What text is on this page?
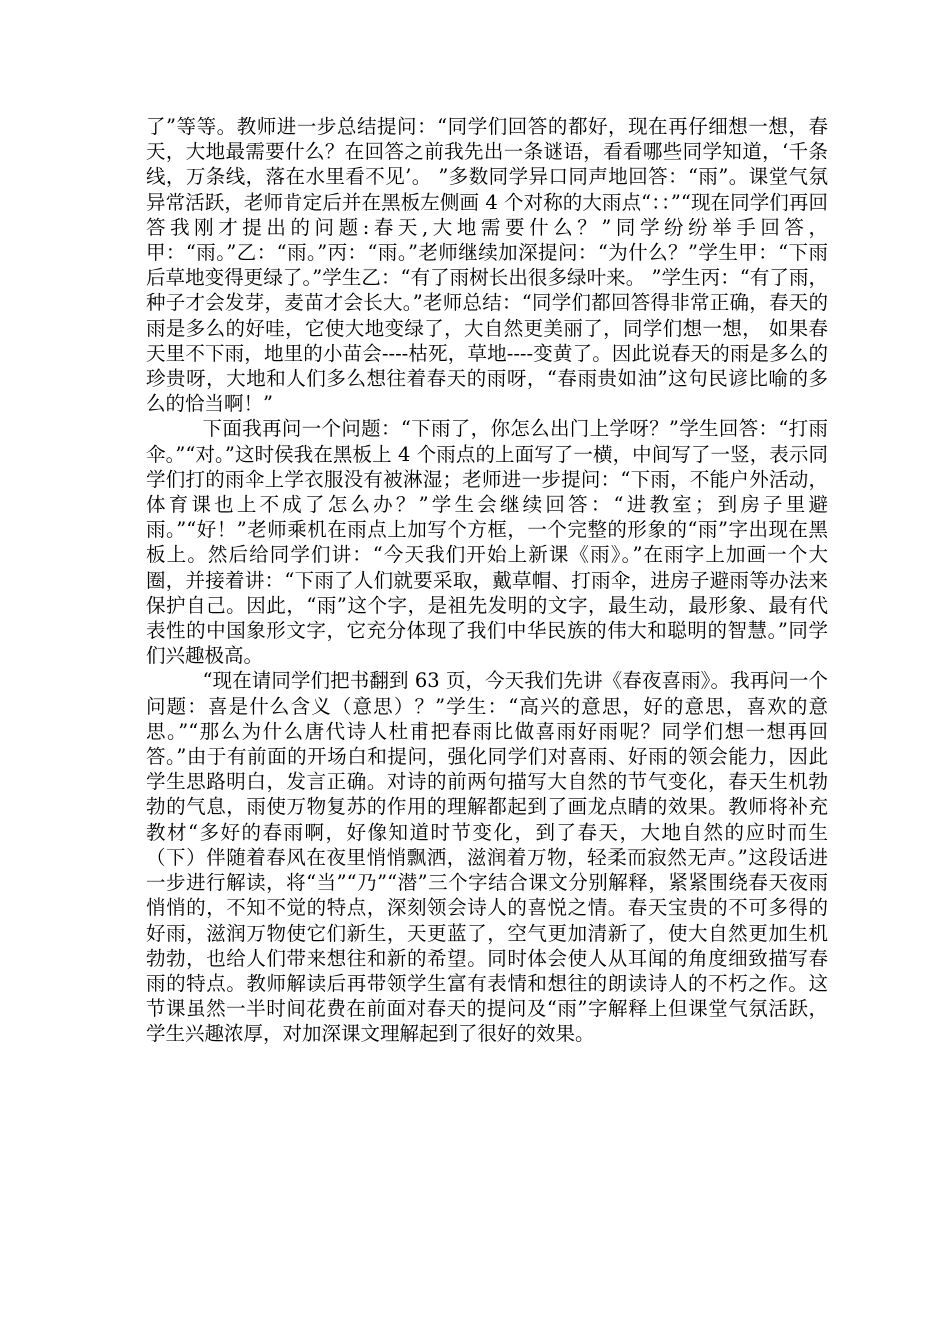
了”等等。教师进一步总结提问：“同学们回答的都好，现在再仔细想一想，春天，大地最需要什么？在回答之前我先出一条谜语，看看哪些同学知道，‘千条线，万条线，落在水里看不见’。 ”多数同学异口同声地回答：“雨”。课堂气氛异常活跃，老师肯定后并在黑板左侧画 4 个对称的大雨点“：：”“现在同学们再回答我刚才提出的问题:春天,大地需要什么？”同学纷纷举手回答，甲：“雨。”乙：“雨。”丙：“雨。”老师继续加深提问：“为什么？”学生甲：“下雨后草地变得更绿了。”学生乙：“有了雨树长出很多绿叶来。 ”学生丙：“有了雨，种子才会发芽，麦苗才会长大。”老师总结：“同学们都回答得非常正确，春天的雨是多么的好哇，它使大地变绿了，大自然更美丽了，同学们想一想， 如果春天里不下雨，地里的小苗会----枯死，草地----变黄了。因此说春天的雨是多么的珍贵呀，大地和人们多么想往着春天的雨呀，“春雨贵如油”这句民谚比喻的多么的恰当啊！”

下面我再问一个问题：“下雨了，你怎么出门上学呀？”学生回答：“打雨伞。”“对。”这时侯我在黑板上 4 个雨点的上面写了一横，中间写了一竖，表示同学们打的雨伞上学衣服没有被淋湿；老师进一步提问：“下雨，不能户外活动，体育课也上不成了怎么办？”学生会继续回答：“进教室；到房子里避雨。”“好！”老师乘机在雨点上加写个方框，一个完整的形象的“雨”字出现在黑板上。然后给同学们讲：“今天我们开始上新课《雨》。”在雨字上加画一个大圈，并接着讲：“下雨了人们就要采取，戴草帽、打雨伞，进房子避雨等办法来保护自己。因此，“雨”这个字，是祖先发明的文字，最生动，最形象、最有代表性的中国象形文字，它充分体现了我们中华民族的伟大和聪明的智慧。”同学们兴趣极高。

“现在请同学们把书翻到 63 页，今天我们先讲《春夜喜雨》。我再问一个问题：喜是什么含义（意思）？”学生：“高兴的意思，好的意思，喜欢的意思。”“那么为什么唐代诗人杜甫把春雨比做喜雨好雨呢？同学们想一想再回答。”由于有前面的开场白和提问，强化同学们对喜雨、好雨的领会能力，因此学生思路明白，发言正确。对诗的前两句描写大自然的节气变化，春天生机勃勃的气息，雨使万物复苏的作用的理解都起到了画龙点睛的效果。教师将补充教材“多好的春雨啊，好像知道时节变化，到了春天，大地自然的应时而生（下）伴随着春风在夜里悄悄飘洒，滋润着万物，轻柔而寂然无声。”这段话进一步进行解读，将“当”“乃”“潜”三个字结合课文分别解释，紧紧围绕春天夜雨悄悄的，不知不觉的特点，深刻领会诗人的喜悦之情。春天宝贵的不可多得的好雨，滋润万物使它们新生，天更蓝了，空气更加清新了，使大自然更加生机勃勃，也给人们带来想往和新的希望。同时体会使人从耳闻的角度细致描写春雨的特点。教师解读后再带领学生富有表情和想往的朗读诗人的不朽之作。这节课虽然一半时间花费在前面对春天的提问及“雨”字解释上但课堂气氛活跃，学生兴趣浓厚，对加深课文理解起到了很好的效果。
